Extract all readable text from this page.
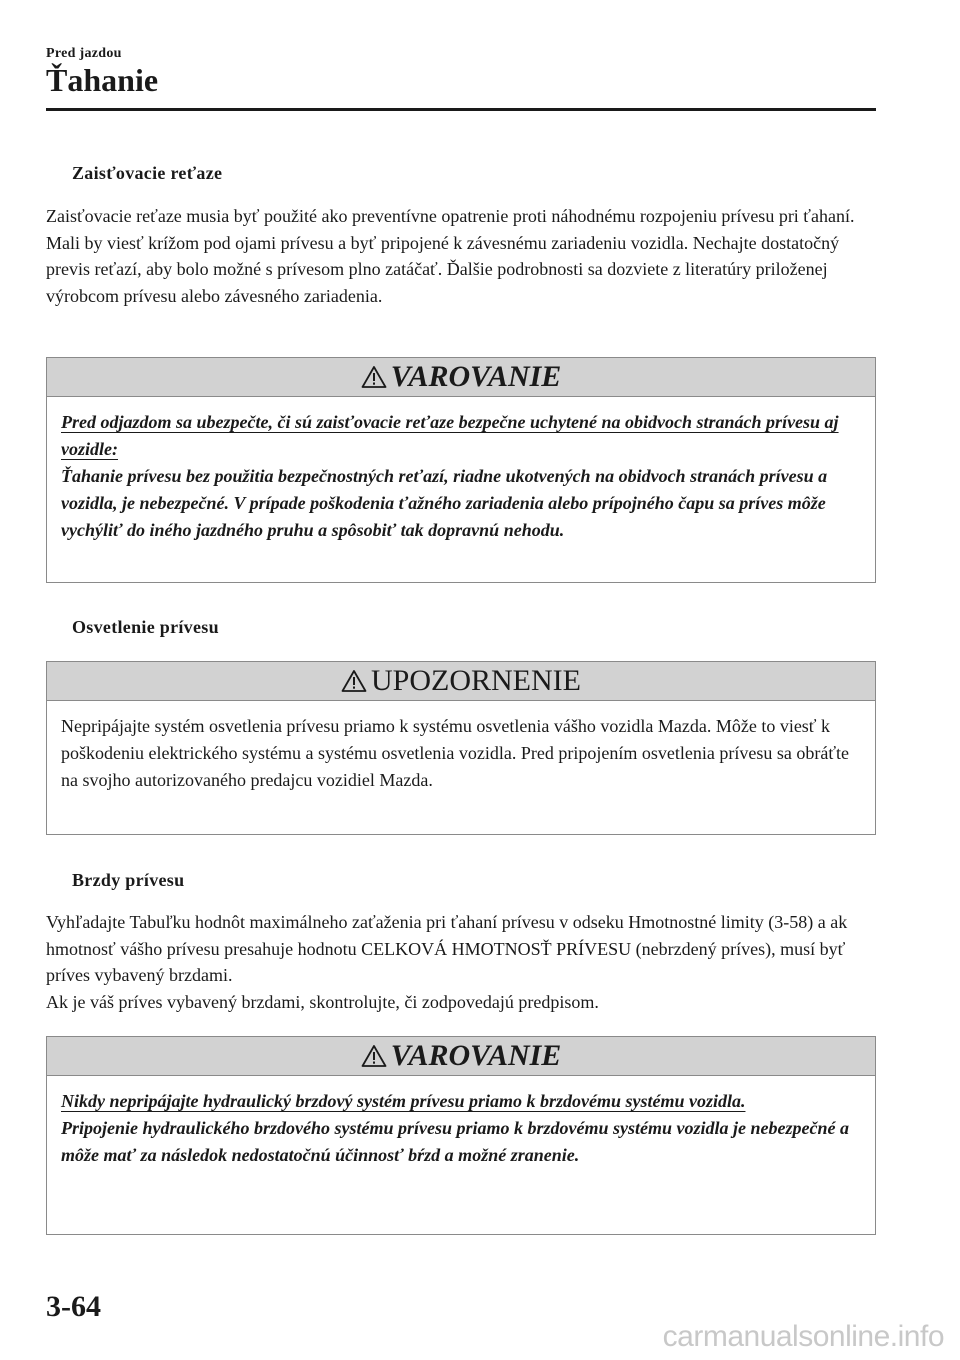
Pred jazdou
Ťahanie
Zaisťovacie reťaze

Zaisťovacie reťaze musia byť použité ako preventívne opatrenie proti náhodnému rozpojeniu prívesu pri ťahaní. Mali by viesť krížom pod ojami prívesu a byť pripojené k závesnému zariadeniu vozidla. Nechajte dostatočný previs reťazí, aby bolo možné s prívesom plno zatáčať. Ďalšie podrobnosti sa dozviete z literatúry priloženej výrobcom prívesu alebo závesného zariadenia.

VAROVANIE
Pred odjazdom sa ubezpečte, či sú zaisťovacie reťaze bezpečne uchytené na obidvoch stranách prívesu aj vozidle:
Ťahanie prívesu bez použitia bezpečnostných reťazí, riadne ukotvených na obidvoch stranách prívesu a vozidla, je nebezpečné. V prípade poškodenia ťažného zariadenia alebo prípojného čapu sa príves môže vychýliť do iného jazdného pruhu a spôsobiť tak dopravnú nehodu.
Osvetlenie prívesu
UPOZORNENIE
Nepripájajte systém osvetlenia prívesu priamo k systému osvetlenia vášho vozidla Mazda. Môže to viesť k poškodeniu elektrického systému a systému osvetlenia vozidla. Pred pripojením osvetlenia prívesu sa obráťte na svojho autorizovaného predajcu vozidiel Mazda.
Brzdy prívesu

Vyhľadajte Tabuľku hodnôt maximálneho zaťaženia pri ťahaní prívesu v odseku Hmotnostné limity (3-58) a ak hmotnosť vášho prívesu presahuje hodnotu CELKOVÁ HMOTNOSŤ PRÍVESU (nebrzdený príves), musí byť príves vybavený brzdami.

Ak je váš príves vybavený brzdami, skontrolujte, či zodpovedajú predpisom.

VAROVANIE
Nikdy nepripájajte hydraulický brzdový systém prívesu priamo k brzdovému systému vozidla.
Pripojenie hydraulického brzdového systému prívesu priamo k brzdovému systému vozidla je nebezpečné a môže mať za následok nedostatočnú účinnosť bŕzd a možné zranenie.
3-64
carmanualsonline.info
